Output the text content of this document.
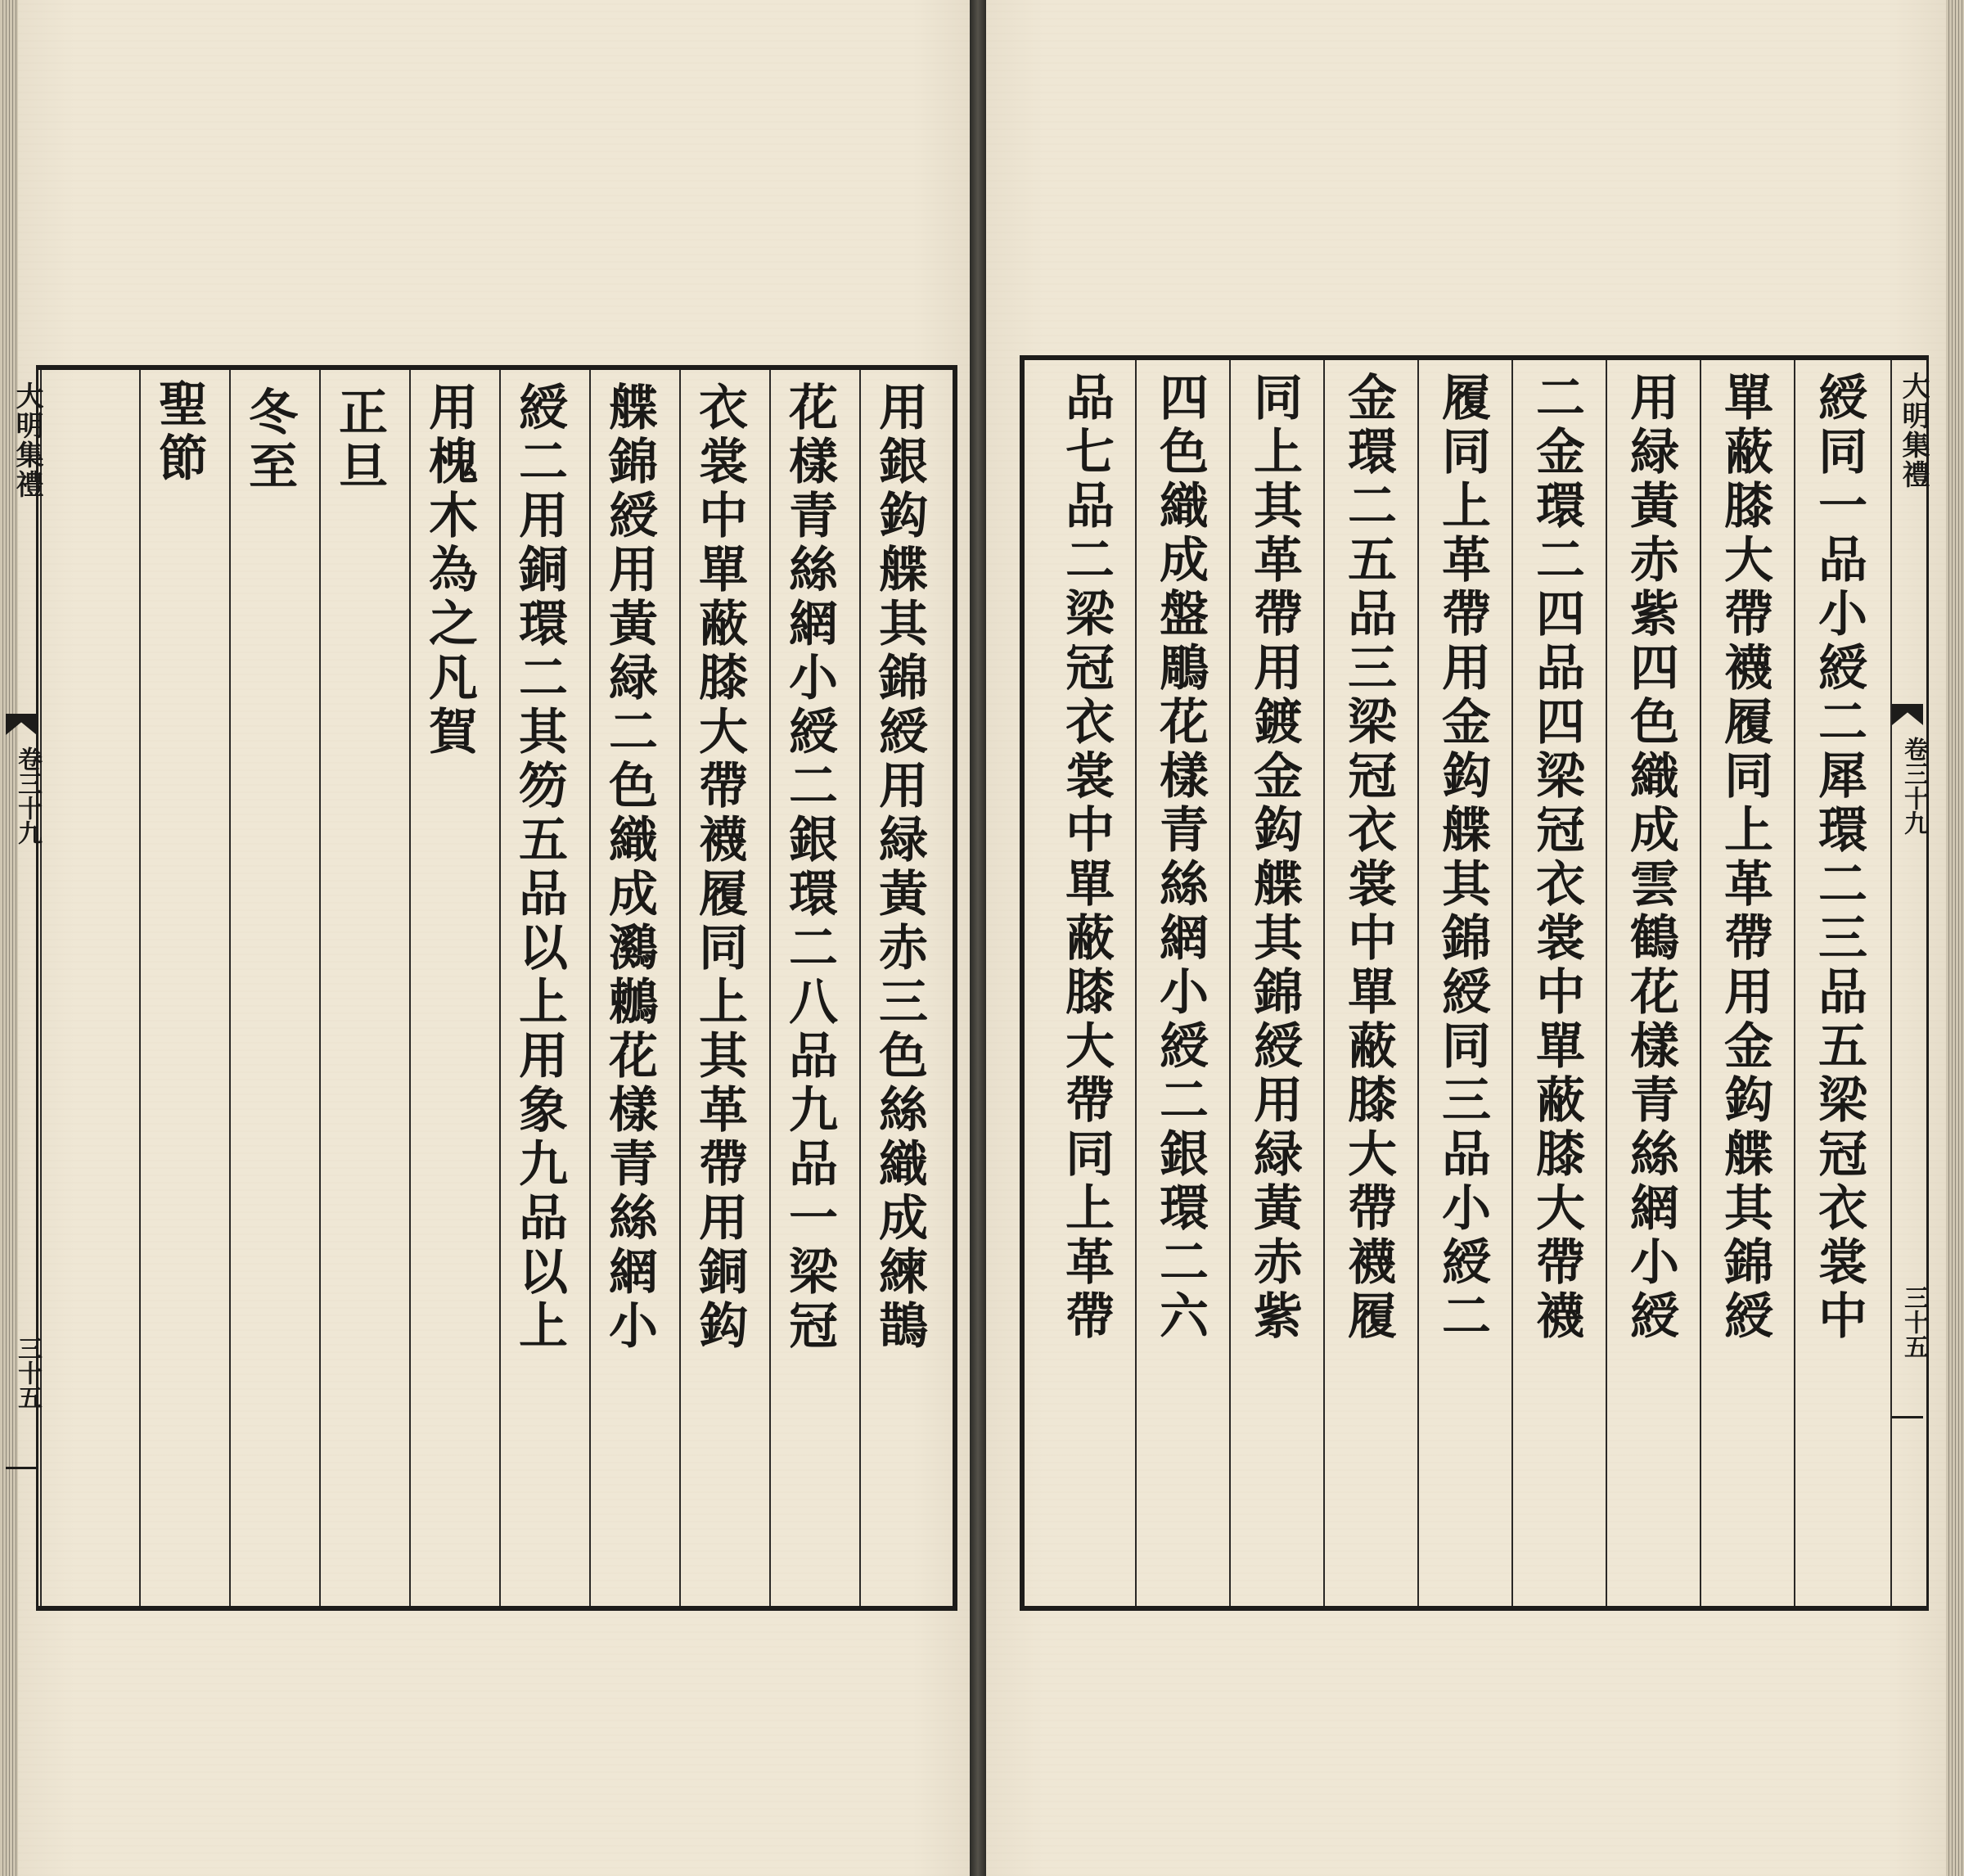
大明集禮
卷三十九
三十五
用銀鈎艓其錦綬用緑黃赤三色絲織成練鵲
花樣青絲網小綬二銀環二八品九品一梁冠
衣裳中單蔽膝大帶襪履同上其革帶用銅鈎
艓錦綬用黃緑二色織成鸂鶒花樣青絲網小
綬二用銅環二其笏五品以上用象九品以上
用槐木為之凡賀
正旦
冬至
聖節	大明集禮
卷三十九
三十五
綬同一品小綬二犀環二三品五梁冠衣裳中
單蔽膝大帶襪履同上革帶用金鈎艓其錦綬
用緑黃赤紫四色織成雲鶴花樣青絲網小綬
二金環二四品四梁冠衣裳中單蔽膝大帶襪
履同上革帶用金鈎艓其錦綬同三品小綬二
金環二五品三梁冠衣裳中單蔽膝大帶襪履
同上其革帶用鍍金鈎艓其錦綬用緑黃赤紫
四色織成盤鵰花樣青絲網小綬二銀環二六
品七品二梁冠衣裳中單蔽膝大帶同上革帶
